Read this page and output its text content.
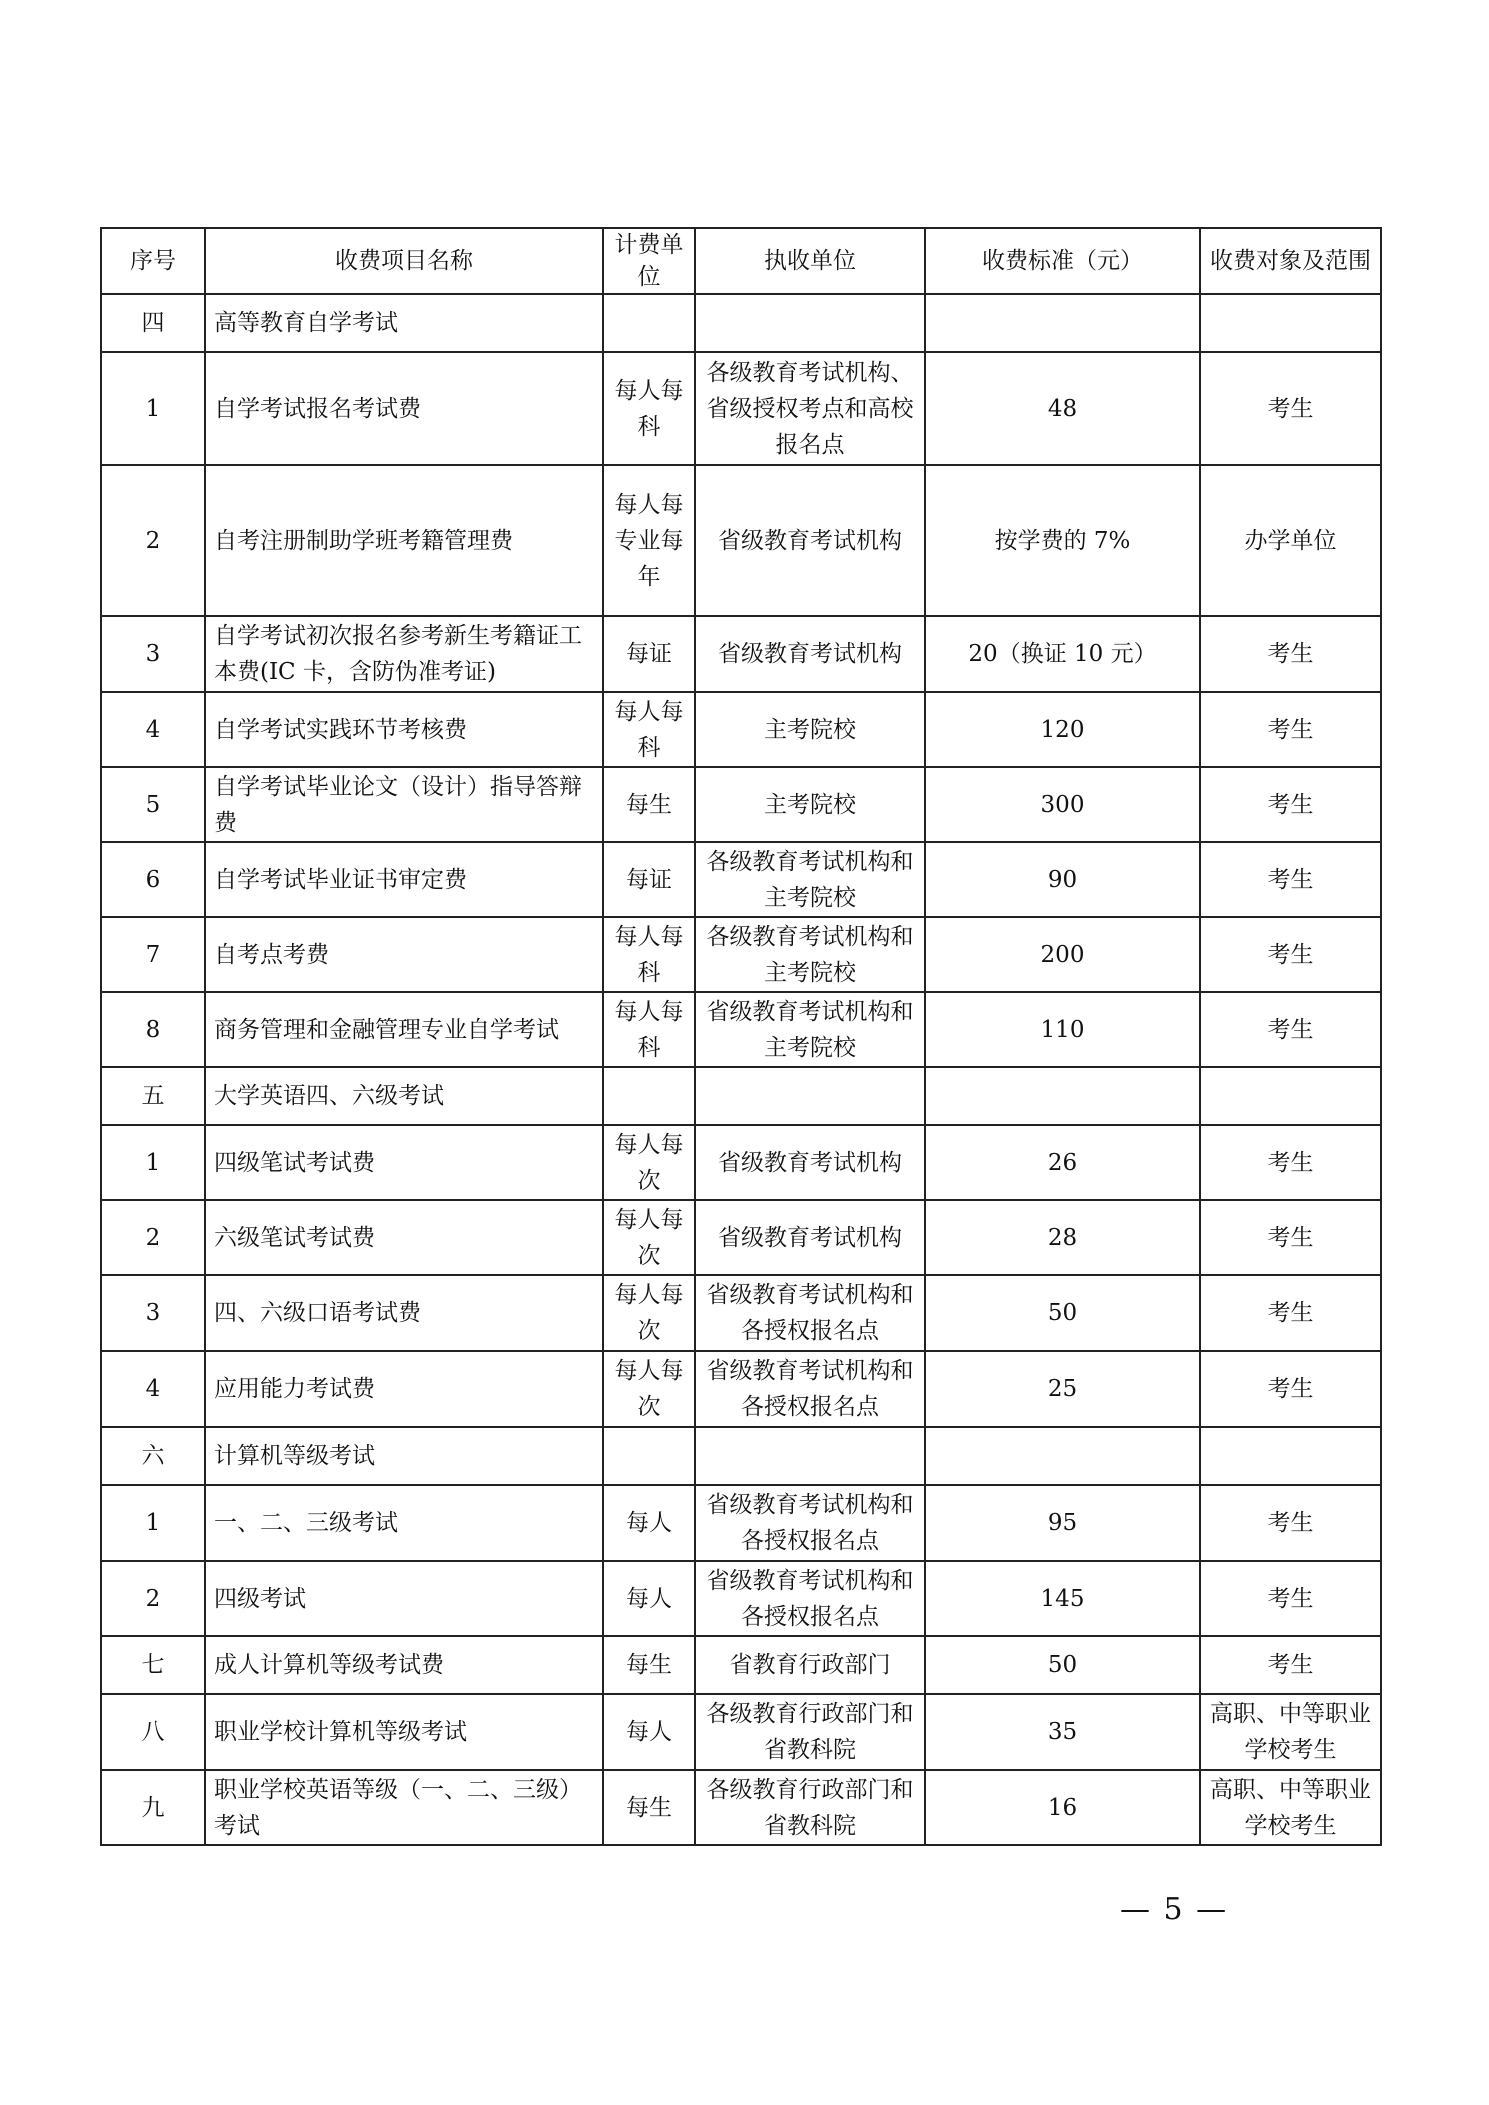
序号	收费项目名称	计费单位	执收单位	收费标准（元）	收费对象及范围
四	高等教育自学考试				
1	自学考试报名考试费	每人每科	各级教育考试机构、省级授权考点和高校报名点	48	考生
2	自考注册制助学班考籍管理费	每人每专业每年	省级教育考试机构	按学费的 7%	办学单位
3	自学考试初次报名参考新生考籍证工本费(IC 卡，含防伪准考证)	每证	省级教育考试机构	20（换证 10 元）	考生
4	自学考试实践环节考核费	每人每科	主考院校	120	考生
5	自学考试毕业论文（设计）指导答辩费	每生	主考院校	300	考生
6	自学考试毕业证书审定费	每证	各级教育考试机构和主考院校	90	考生
7	自考点考费	每人每科	各级教育考试机构和主考院校	200	考生
8	商务管理和金融管理专业自学考试	每人每科	省级教育考试机构和主考院校	110	考生
五	大学英语四、六级考试				
1	四级笔试考试费	每人每次	省级教育考试机构	26	考生
2	六级笔试考试费	每人每次	省级教育考试机构	28	考生
3	四、六级口语考试费	每人每次	省级教育考试机构和各授权报名点	50	考生
4	应用能力考试费	每人每次	省级教育考试机构和各授权报名点	25	考生
六	计算机等级考试				
1	一、二、三级考试	每人	省级教育考试机构和各授权报名点	95	考生
2	四级考试	每人	省级教育考试机构和各授权报名点	145	考生
七	成人计算机等级考试费	每生	省教育行政部门	50	考生
八	职业学校计算机等级考试	每人	各级教育行政部门和省教科院	35	高职、中等职业学校考生
九	职业学校英语等级（一、二、三级）考试	每生	各级教育行政部门和省教科院	16	高职、中等职业学校考生
— 5 —
